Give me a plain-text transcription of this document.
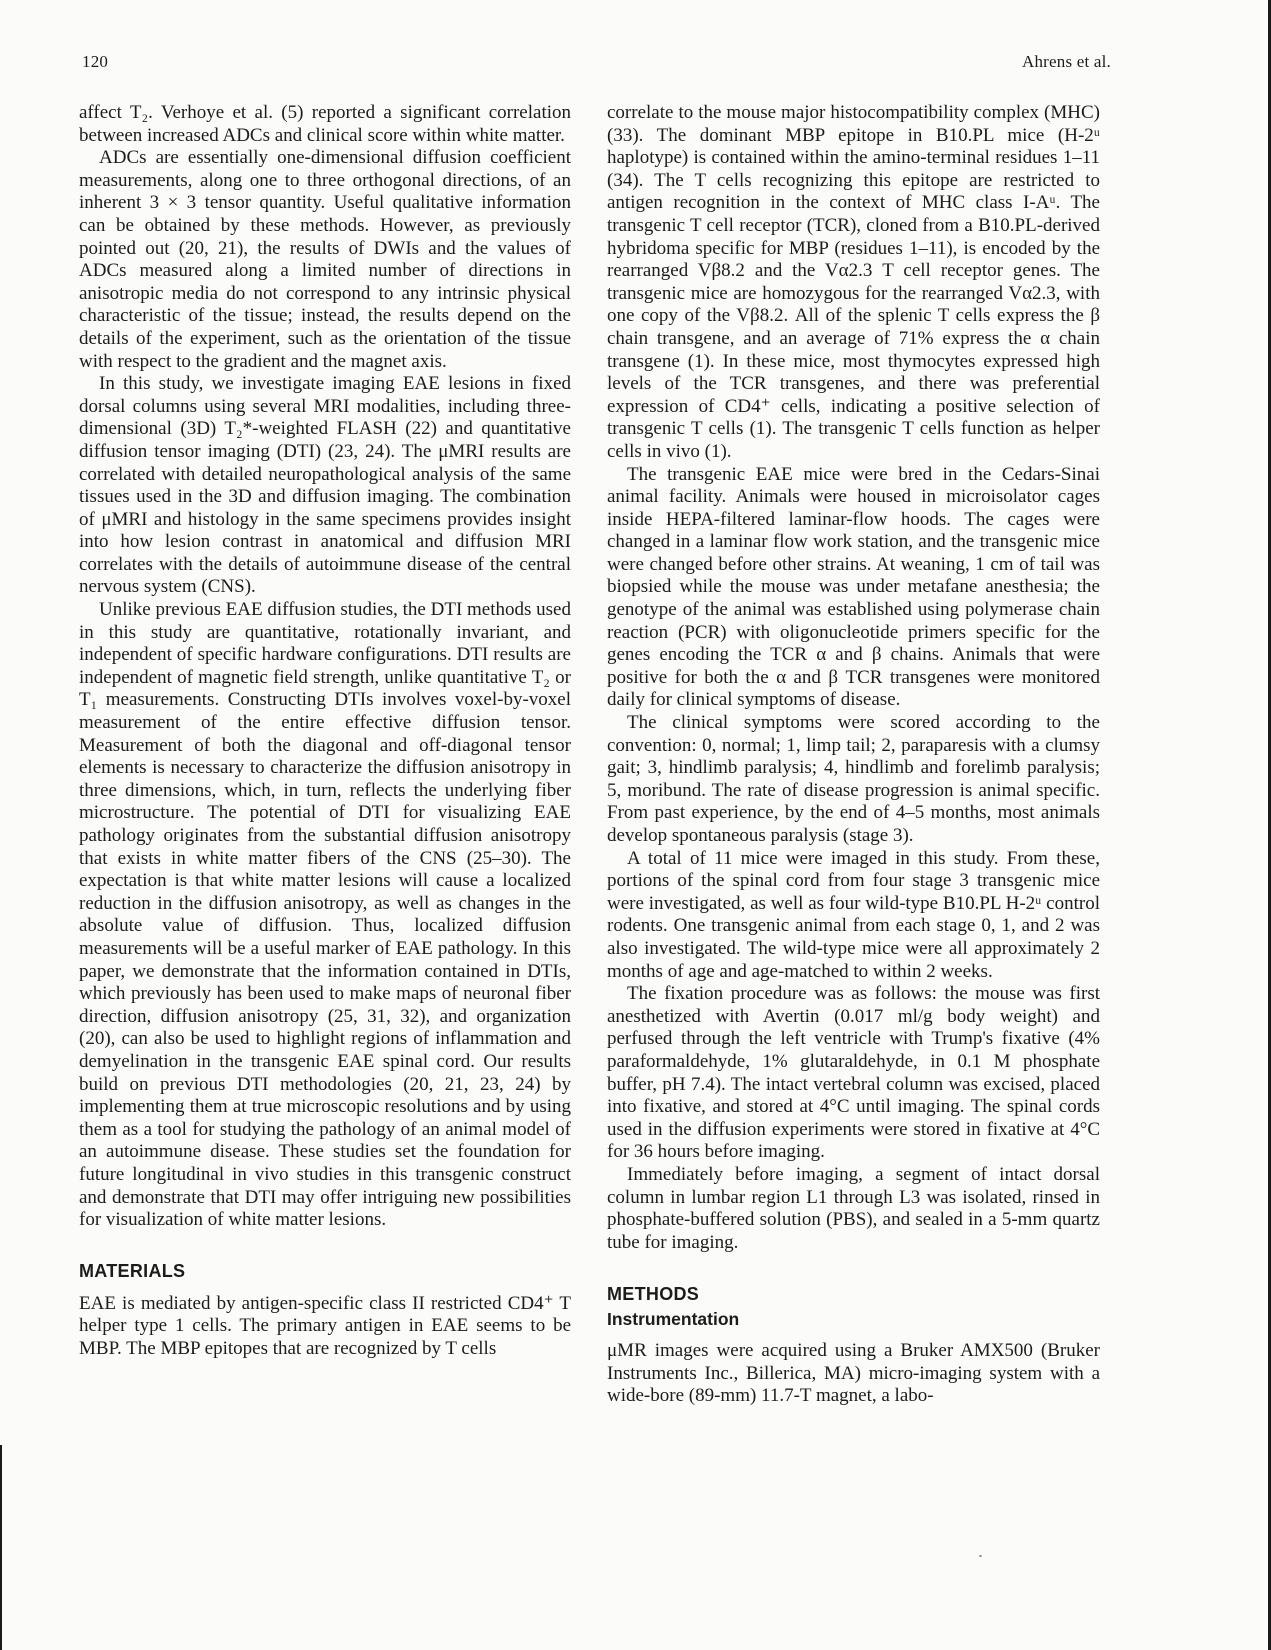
120	Ahrens et al.

affect T₂. Verhoye et al. (5) reported a significant correlation between increased ADCs and clinical score within white matter.

ADCs are essentially one-dimensional diffusion coefficient measurements, along one to three orthogonal directions, of an inherent 3 × 3 tensor quantity. Useful qualitative information can be obtained by these methods. However, as previously pointed out (20, 21), the results of DWIs and the values of ADCs measured along a limited number of directions in anisotropic media do not correspond to any intrinsic physical characteristic of the tissue; instead, the results depend on the details of the experiment, such as the orientation of the tissue with respect to the gradient and the magnet axis.

In this study, we investigate imaging EAE lesions in fixed dorsal columns using several MRI modalities, including three-dimensional (3D) T₂*-weighted FLASH (22) and quantitative diffusion tensor imaging (DTI) (23, 24). The μMRI results are correlated with detailed neuropathological analysis of the same tissues used in the 3D and diffusion imaging. The combination of μMRI and histology in the same specimens provides insight into how lesion contrast in anatomical and diffusion MRI correlates with the details of autoimmune disease of the central nervous system (CNS).

Unlike previous EAE diffusion studies, the DTI methods used in this study are quantitative, rotationally invariant, and independent of specific hardware configurations. DTI results are independent of magnetic field strength, unlike quantitative T₂ or T₁ measurements. Constructing DTIs involves voxel-by-voxel measurement of the entire effective diffusion tensor. Measurement of both the diagonal and off-diagonal tensor elements is necessary to characterize the diffusion anisotropy in three dimensions, which, in turn, reflects the underlying fiber microstructure. The potential of DTI for visualizing EAE pathology originates from the substantial diffusion anisotropy that exists in white matter fibers of the CNS (25–30). The expectation is that white matter lesions will cause a localized reduction in the diffusion anisotropy, as well as changes in the absolute value of diffusion. Thus, localized diffusion measurements will be a useful marker of EAE pathology. In this paper, we demonstrate that the information contained in DTIs, which previously has been used to make maps of neuronal fiber direction, diffusion anisotropy (25, 31, 32), and organization (20), can also be used to highlight regions of inflammation and demyelination in the transgenic EAE spinal cord. Our results build on previous DTI methodologies (20, 21, 23, 24) by implementing them at true microscopic resolutions and by using them as a tool for studying the pathology of an animal model of an autoimmune disease. These studies set the foundation for future longitudinal in vivo studies in this transgenic construct and demonstrate that DTI may offer intriguing new possibilities for visualization of white matter lesions.

MATERIALS

EAE is mediated by antigen-specific class II restricted CD4⁺ T helper type 1 cells. The primary antigen in EAE seems to be MBP. The MBP epitopes that are recognized by T cells

correlate to the mouse major histocompatibility complex (MHC) (33). The dominant MBP epitope in B10.PL mice (H-2ᵘ haplotype) is contained within the amino-terminal residues 1–11 (34). The T cells recognizing this epitope are restricted to antigen recognition in the context of MHC class I-Aᵘ. The transgenic T cell receptor (TCR), cloned from a B10.PL-derived hybridoma specific for MBP (residues 1–11), is encoded by the rearranged Vβ8.2 and the Vα2.3 T cell receptor genes. The transgenic mice are homozygous for the rearranged Vα2.3, with one copy of the Vβ8.2. All of the splenic T cells express the β chain transgene, and an average of 71% express the α chain transgene (1). In these mice, most thymocytes expressed high levels of the TCR transgenes, and there was preferential expression of CD4⁺ cells, indicating a positive selection of transgenic T cells (1). The transgenic T cells function as helper cells in vivo (1).

The transgenic EAE mice were bred in the Cedars-Sinai animal facility. Animals were housed in microisolator cages inside HEPA-filtered laminar-flow hoods. The cages were changed in a laminar flow work station, and the transgenic mice were changed before other strains. At weaning, 1 cm of tail was biopsied while the mouse was under metafane anesthesia; the genotype of the animal was established using polymerase chain reaction (PCR) with oligonucleotide primers specific for the genes encoding the TCR α and β chains. Animals that were positive for both the α and β TCR transgenes were monitored daily for clinical symptoms of disease.

The clinical symptoms were scored according to the convention: 0, normal; 1, limp tail; 2, paraparesis with a clumsy gait; 3, hindlimb paralysis; 4, hindlimb and forelimb paralysis; 5, moribund. The rate of disease progression is animal specific. From past experience, by the end of 4–5 months, most animals develop spontaneous paralysis (stage 3).

A total of 11 mice were imaged in this study. From these, portions of the spinal cord from four stage 3 transgenic mice were investigated, as well as four wild-type B10.PL H-2ᵘ control rodents. One transgenic animal from each stage 0, 1, and 2 was also investigated. The wild-type mice were all approximately 2 months of age and age-matched to within 2 weeks.

The fixation procedure was as follows: the mouse was first anesthetized with Avertin (0.017 ml/g body weight) and perfused through the left ventricle with Trump's fixative (4% paraformaldehyde, 1% glutaraldehyde, in 0.1 M phosphate buffer, pH 7.4). The intact vertebral column was excised, placed into fixative, and stored at 4°C until imaging. The spinal cords used in the diffusion experiments were stored in fixative at 4°C for 36 hours before imaging.

Immediately before imaging, a segment of intact dorsal column in lumbar region L1 through L3 was isolated, rinsed in phosphate-buffered solution (PBS), and sealed in a 5-mm quartz tube for imaging.

METHODS
Instrumentation

μMR images were acquired using a Bruker AMX500 (Bruker Instruments Inc., Billerica, MA) micro-imaging system with a wide-bore (89-mm) 11.7-T magnet, a labo-
